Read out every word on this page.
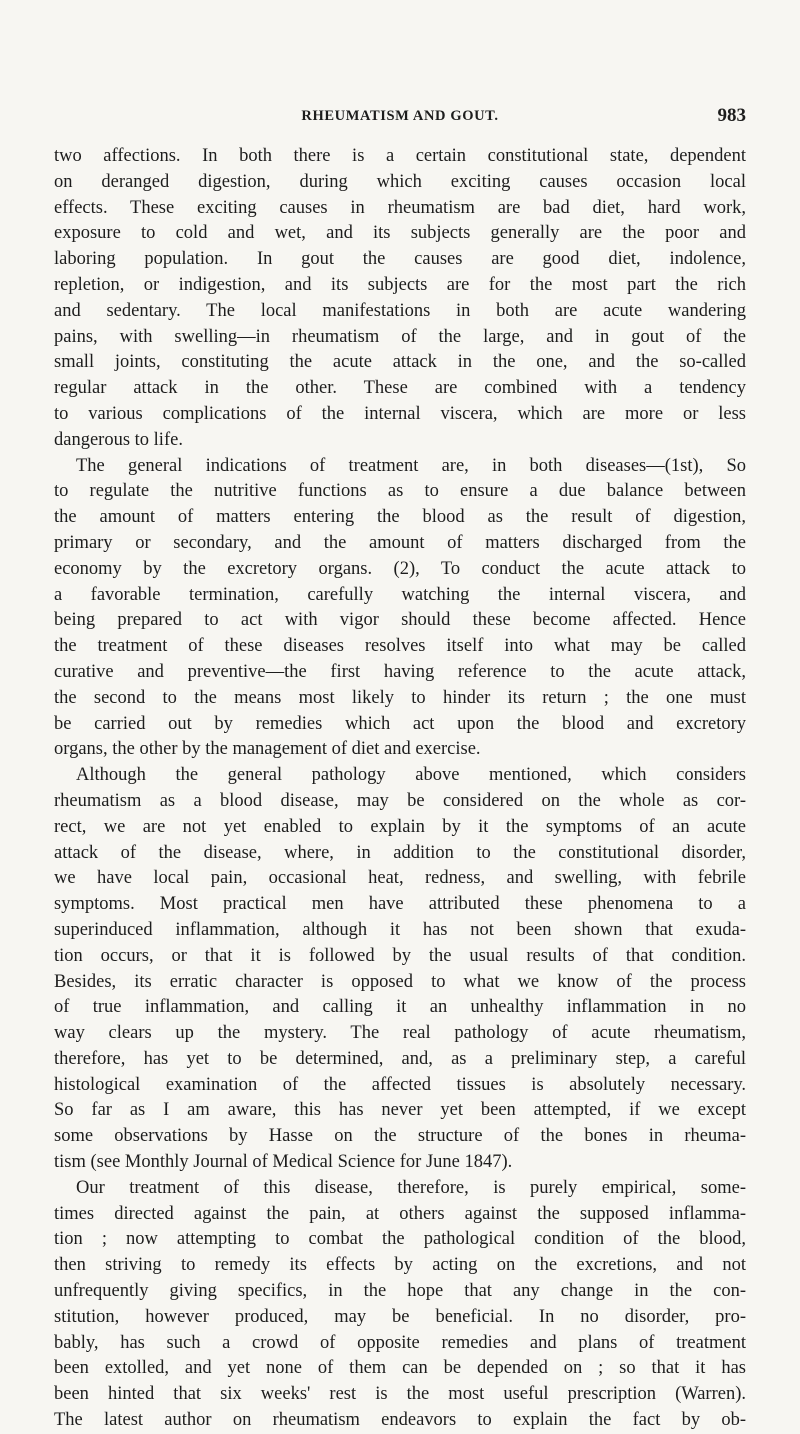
RHEUMATISM AND GOUT.	983
two affections. In both there is a certain constitutional state, dependent
on deranged digestion, during which exciting causes occasion local
effects. These exciting causes in rheumatism are bad diet, hard work,
exposure to cold and wet, and its subjects generally are the poor and
laboring population. In gout the causes are good diet, indolence,
repletion, or indigestion, and its subjects are for the most part the rich
and sedentary. The local manifestations in both are acute wandering
pains, with swelling—in rheumatism of the large, and in gout of the
small joints, constituting the acute attack in the one, and the so-called
regular attack in the other. These are combined with a tendency
to various complications of the internal viscera, which are more or less
dangerous to life.
The general indications of treatment are, in both diseases—(1st), So
to regulate the nutritive functions as to ensure a due balance between
the amount of matters entering the blood as the result of digestion,
primary or secondary, and the amount of matters discharged from the
economy by the excretory organs. (2), To conduct the acute attack to
a favorable termination, carefully watching the internal viscera, and
being prepared to act with vigor should these become affected. Hence
the treatment of these diseases resolves itself into what may be called
curative and preventive—the first having reference to the acute attack,
the second to the means most likely to hinder its return ; the one must
be carried out by remedies which act upon the blood and excretory
organs, the other by the management of diet and exercise.
Although the general pathology above mentioned, which considers
rheumatism as a blood disease, may be considered on the whole as cor-
rect, we are not yet enabled to explain by it the symptoms of an acute
attack of the disease, where, in addition to the constitutional disorder,
we have local pain, occasional heat, redness, and swelling, with febrile
symptoms. Most practical men have attributed these phenomena to a
superinduced inflammation, although it has not been shown that exuda-
tion occurs, or that it is followed by the usual results of that condition.
Besides, its erratic character is opposed to what we know of the process
of true inflammation, and calling it an unhealthy inflammation in no
way clears up the mystery. The real pathology of acute rheumatism,
therefore, has yet to be determined, and, as a preliminary step, a careful
histological examination of the affected tissues is absolutely necessary.
So far as I am aware, this has never yet been attempted, if we except
some observations by Hasse on the structure of the bones in rheuma-
tism (see Monthly Journal of Medical Science for June 1847).
Our treatment of this disease, therefore, is purely empirical, some-
times directed against the pain, at others against the supposed inflamma-
tion ; now attempting to combat the pathological condition of the blood,
then striving to remedy its effects by acting on the excretions, and not
unfrequently giving specifics, in the hope that any change in the con-
stitution, however produced, may be beneficial. In no disorder, pro-
bably, has such a crowd of opposite remedies and plans of treatment
been extolled, and yet none of them can be depended on ; so that it has
been hinted that six weeks' rest is the most useful prescription (Warren).
The latest author on rheumatism endeavors to explain the fact by ob-
